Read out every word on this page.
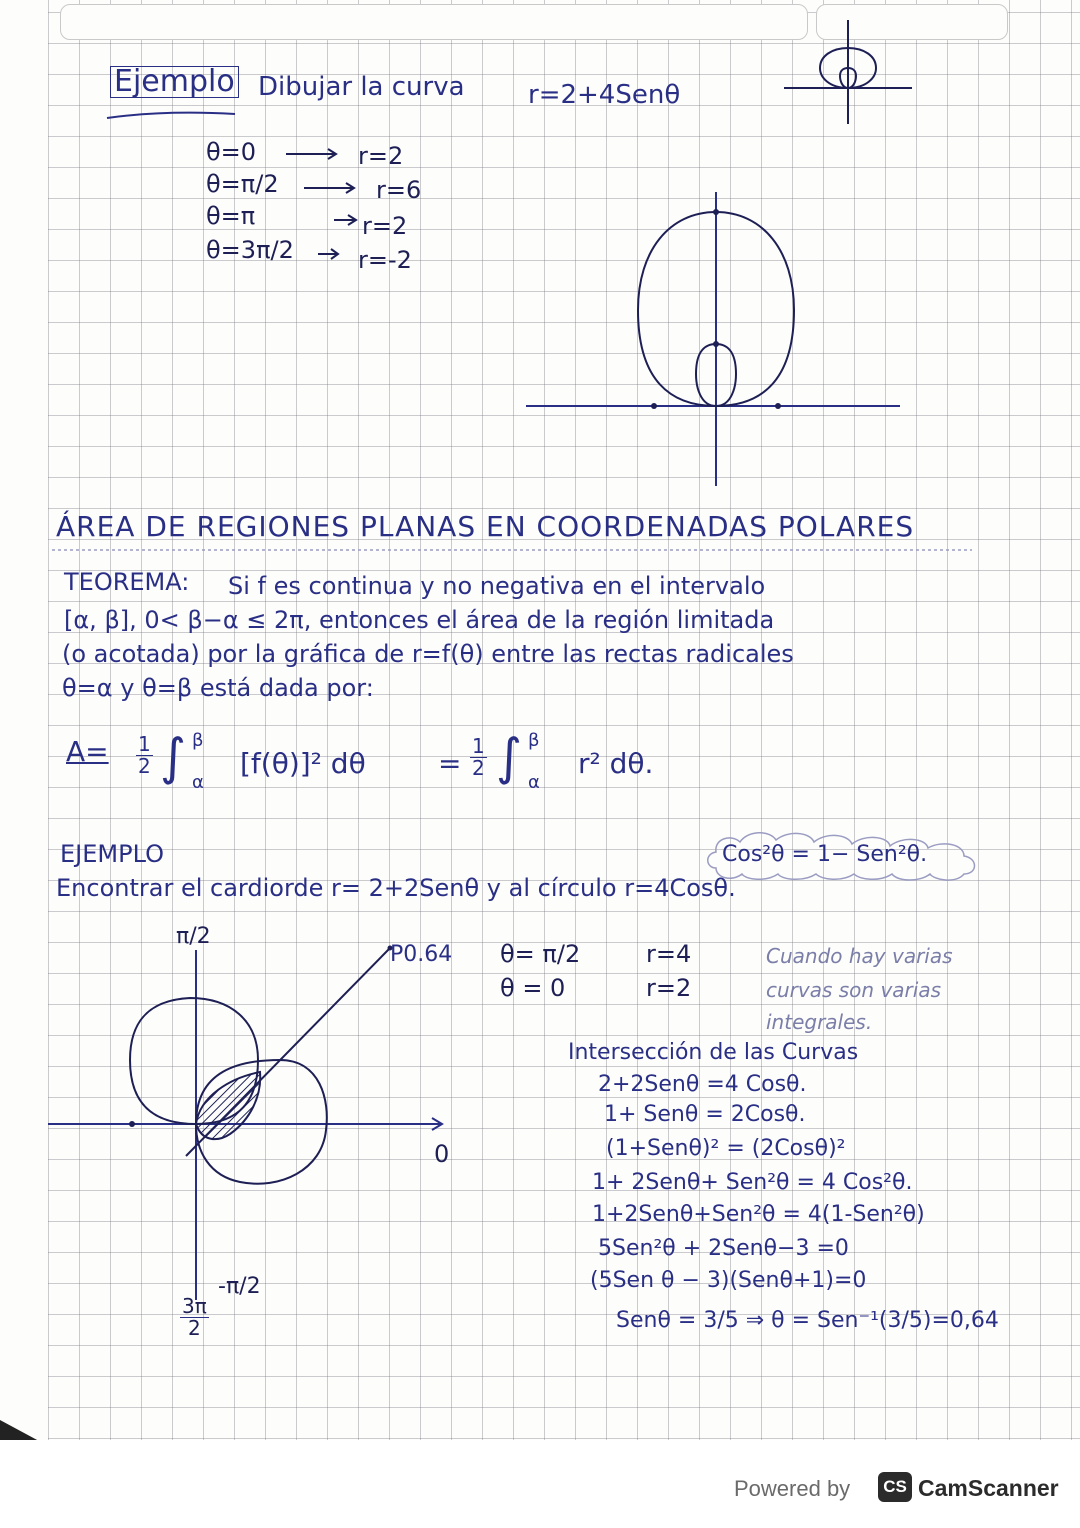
Ejemplo Dibujar la curva r=2+4Senθ
θ=0	r=2
θ=π/2	r=6
θ=π	r=2
θ=3π/2	r=-2
ÁREA DE REGIONES PLANAS EN COORDENADAS POLARES
TEOREMA: Si f es continua y no negativa en el intervalo
[α, β], 0< β−α ≤ 2π, entonces el área de la región limitada
(o acotada) por la gráfica de r=f(θ) entre las rectas radicales
θ=α y θ=β está dada por:
$A= \frac{1}{2}$ ∫ β
α
[f(θ)]² dθ	= $\frac{1}{2}$ ∫ β
α
r² dθ.
EJEMPLO	Cos²θ = 1− Sen²θ.
Encontrar el cardiorde r= 2+2Senθ y al círculo r=4Cosθ.
π/2
0
$\frac{3\pi}{2}$
-π/2
P0.64 θ= π/2	r=4
θ = 0	r=2
Cuando hay varias
curvas son varias
integrales.
Intersección de las Curvas
2+2Senθ =4 Cosθ.
1+ Senθ = 2Cosθ.
(1+Senθ)² = (2Cosθ)²
1+ 2Senθ+ Sen²θ = 4 Cos²θ.
1+2Senθ+Sen²θ = 4(1-Sen²θ)
5Sen²θ + 2Senθ−3 =0
(5Sen θ − 3)(Senθ+1)=0
Senθ = 3/5 ⇒ θ = Sen⁻¹(3/5)=0,64
Powered by	CS CamScanner
